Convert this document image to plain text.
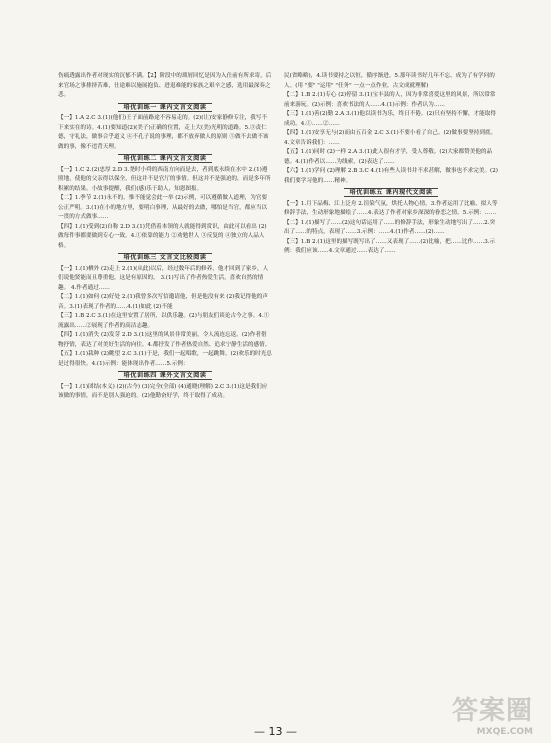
伤痛透露出作者对现实的沉郁不满。【2】阶段中的琐屑回忆是因为入仕前有所求寄，后来官场之事排挤苦难，仕途难以施展抱负、进退难能的家族之艰辛之感，选用最深奏之悲。

培优训练一 课内文言文阅读

【一】1.A 2.C 3.(1)(他们)王子面前路途不容易走的。(2)(让)安家静修专注，我写不下来实在的诗。4.(1)要知道(2)(美子)正确的位置，走上大(美)光明的道路。5.③责仁德，守礼法，做事合乎道义 ④不孔子说的事理，都不放弃做人的原则 ⑤做不去做不该做的事，像不违背天理。

培优训练二 课内文言文阅读

【一】1.C 2.(2)忠厚 2.D 3.尧时小舜的西南方向而是去，者到底永续在水中 2.(1)遵照地，使他的父亲得以保全，但这并不是官厅的事情。但这并不是强迫的，而是多年所积累的结果。小故事提醒，我们(感)乐于助人，知恩图报。

【二】1.季节 2.(1)永不的，惟不能觉会此一举 (2)示例，可以遵循做人道理，为官要公正严明。3.(1)在小的地方里，要明白事理，从最好的去做，哪怕是当官，都应当以一贯的方式做事……

【四】1.(1)受到(2)自称 2.D 3.(1)凭借着本领的人就能得到赏识，由此可以看出 (2)做每件事都要做到专心一致。4.①依靠的能力 ②劝勉世人 ③反复的 ④独立的人品人格。

培优训练三 文言文比较阅读

【一】1.(1)栖外 (2)走上 2.(1)(从此)以后，经过数年后的修养，他才回到了家乡，人们说他贤能而且尊重他，这是有原因的。 3.(1)写出了作者热爱生活，喜欢自然的情趣。 4.作者通过……

【二】1.(1)如何 (2)好处 2.(1)我曾多次写信邀请他，但是他没有来 (2)我记得他的声音。3.(1)表现了作者的……4.(1)如此 (2)不能

【三】1.B 2.C 3.(1)在这里安置了居所，以供乐趣。(2)与朋友们谈论古今之事。4.①流露出……②展现了作者的高洁志趣。

【四】1.(1)消失 (2)发芽 2.D 3.(1)这里的风景非常美丽，令人流连忘返。(2)作者借物抒情，表达了对美好生活的向往。4.都抒发了作者热爱自然、追求宁静生活的感情。

【五】1.(1)栽种 (2)眺望 2.C 3.(1)于是，我们一起唱歌，一起跳舞。(2)欢乐的时光总是过得很快。4.(1)示例：能体现出作者……5.示例：

培优训练四 课外文言文阅读

【一】1.(1)团结(本义) (2)(古今) (3)完全(全部) (4)通晓(理解) 2.C 3.(1)这是我们应该做的事情，而不是别人强迫的。(2)他勤奋好学，终于取得了成功。

民(省略略)，4.读书要持之以恒，循序渐进。5.那年读书好几年不忘，成为了有学问的人。(用 "要" "运用" "任务" 一点一点作业，古文成就理解)

【二】1.B 2.(1)专心 (2)停留 3.(1)宝丰县的人，因为非常喜爱这里的风景，所以常常前来游玩。(2)示例：喜欢书法的人……4.(1)示例：作者认为……

【三】1.(1)善(2)勤 2.A 3.(1)他以读书为乐，终日不倦。(2)只有坚持不懈，才能取得成功。4.①……②……

【四】1.(1)安享无与(2)而由五百金 2.C 3.(1)不要小看了自己。(2)做事要坚持到底。4.文章告诉我们：……

【五】1.(1)同时 (2)一样 2.A 3.(1)此人很有才学，受人尊敬。(2)大家都赞美他的品德。4.(1)作者以……为线索，(2)表达了……

【六】1.(1)学问 (2)理解 2.B 3.C 4.(1)有些人读书并不求甚解，做事也不求完美。(2)我们要学习他的……精神。

培优训练五 课内现代文阅读

【一】1.月下品梅、江上泛舟 2.渲染气氛，烘托人物心情。3.作者运用了比喻、拟人等修辞手法，生动形象地描绘了……4.表达了作者对家乡深深的眷恋之情。5.示例：……

【二】1.(1)描写了……(2)这句话运用了……的修辞手法，形象生动地写出了……2.突出了……的特点，表现了……3.示例：……4.(1)作者……(2)……

【三】1.B 2.(1)这里的描写既写出了……又表现了……(2)比喻，把……比作……3.示例：我们应该……4.文章通过……表达了……

— 13 —
答案圈
MXQE.COM
